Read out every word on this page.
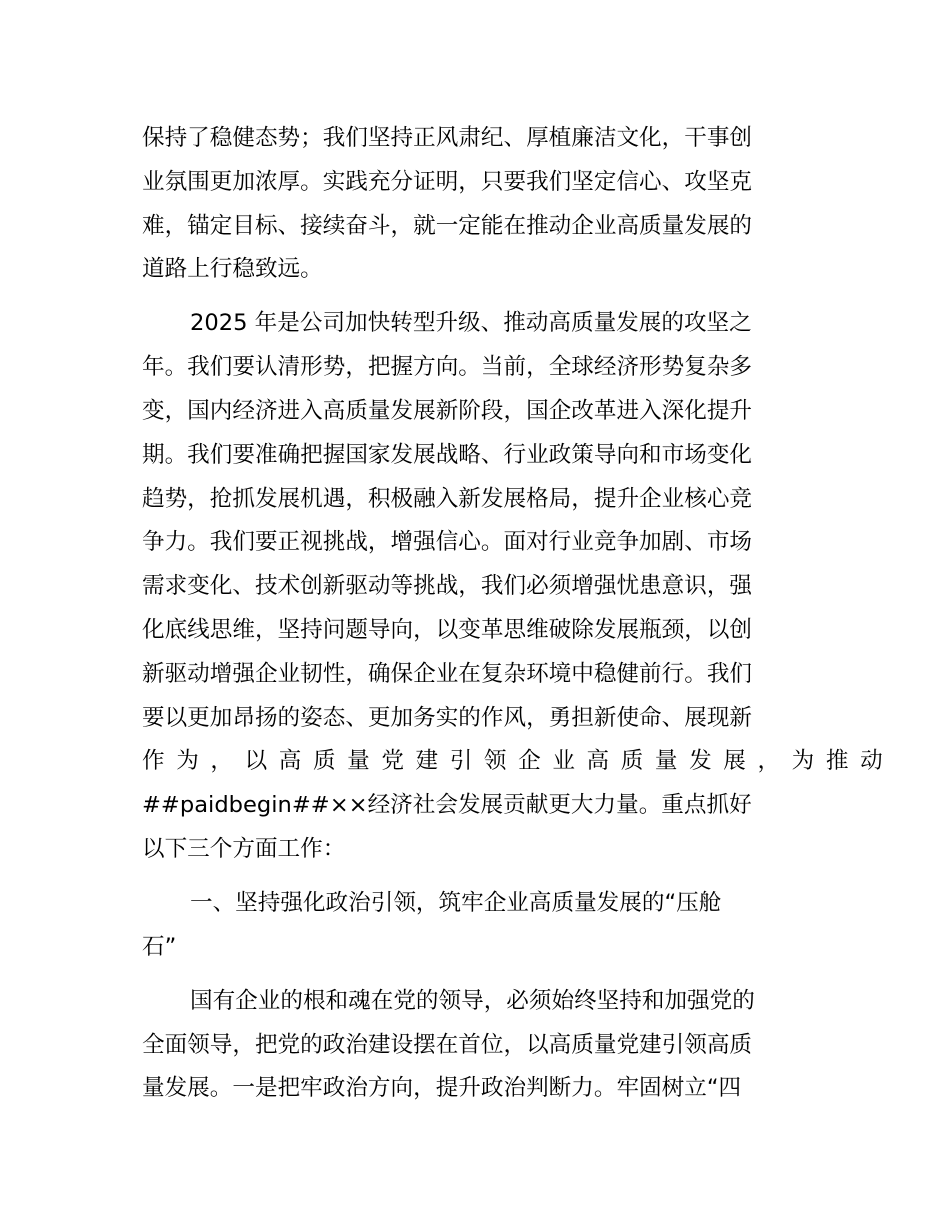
保持了稳健态势；我们坚持正风肃纪、厚植廉洁文化，干事创
业氛围更加浓厚。实践充分证明，只要我们坚定信心、攻坚克
难，锚定目标、接续奋斗，就一定能在推动企业高质量发展的
道路上行稳致远。
2025 年是公司加快转型升级、推动高质量发展的攻坚之
年。我们要认清形势，把握方向。当前，全球经济形势复杂多
变，国内经济进入高质量发展新阶段，国企改革进入深化提升
期。我们要准确把握国家发展战略、行业政策导向和市场变化
趋势，抢抓发展机遇，积极融入新发展格局，提升企业核心竞
争力。我们要正视挑战，增强信心。面对行业竞争加剧、市场
需求变化、技术创新驱动等挑战，我们必须增强忧患意识，强
化底线思维，坚持问题导向，以变革思维破除发展瓶颈，以创
新驱动增强企业韧性，确保企业在复杂环境中稳健前行。我们
要以更加昂扬的姿态、更加务实的作风，勇担新使命、展现新
作为，以高质量党建引领企业高质量发展，为推动
##paidbegin##××经济社会发展贡献更大力量。重点抓好
以下三个方面工作：
一、坚持强化政治引领，筑牢企业高质量发展的“压舱
石”
国有企业的根和魂在党的领导，必须始终坚持和加强党的
全面领导，把党的政治建设摆在首位，以高质量党建引领高质
量发展。一是把牢政治方向，提升政治判断力。牢固树立“四
